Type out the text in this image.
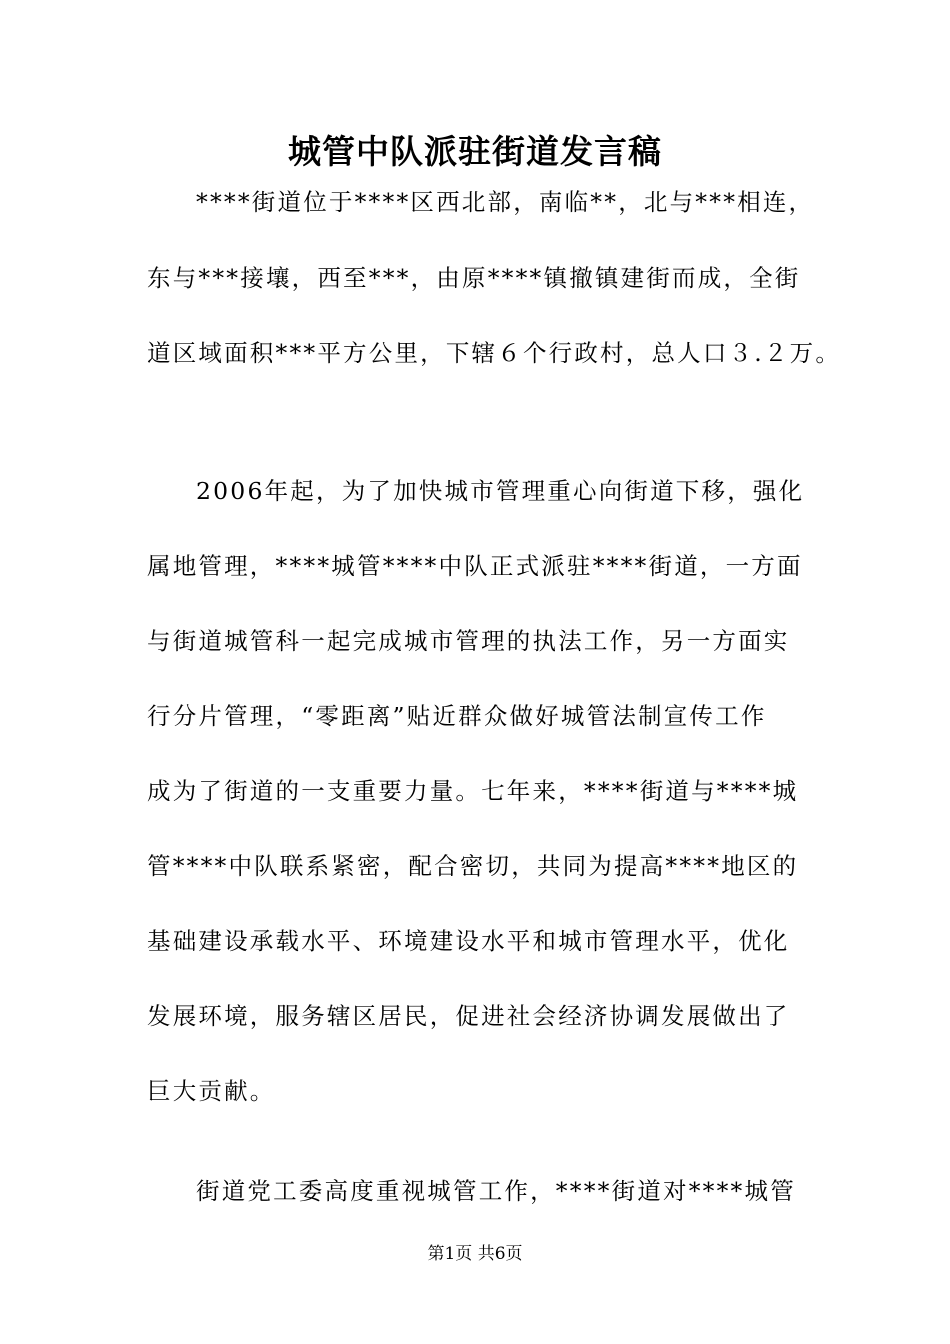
城管中队派驻街道发言稿
****街道位于****区西北部，南临**，北与***相连，
东与***接壤，西至***，由原****镇撤镇建街而成，全街
道区域面积***平方公里，下辖６个行政村，总人口３.２万。
2006年起，为了加快城市管理重心向街道下移，强化
属地管理，****城管****中队正式派驻****街道，一方面
与街道城管科一起完成城市管理的执法工作，另一方面实
行分片管理，“零距离”贴近群众做好城管法制宣传工作
成为了街道的一支重要力量。七年来，****街道与****城
管****中队联系紧密，配合密切，共同为提高****地区的
基础建设承载水平、环境建设水平和城市管理水平，优化
发展环境，服务辖区居民，促进社会经济协调发展做出了
巨大贡献。
街道党工委高度重视城管工作，****街道对****城管
第1页 共6页
